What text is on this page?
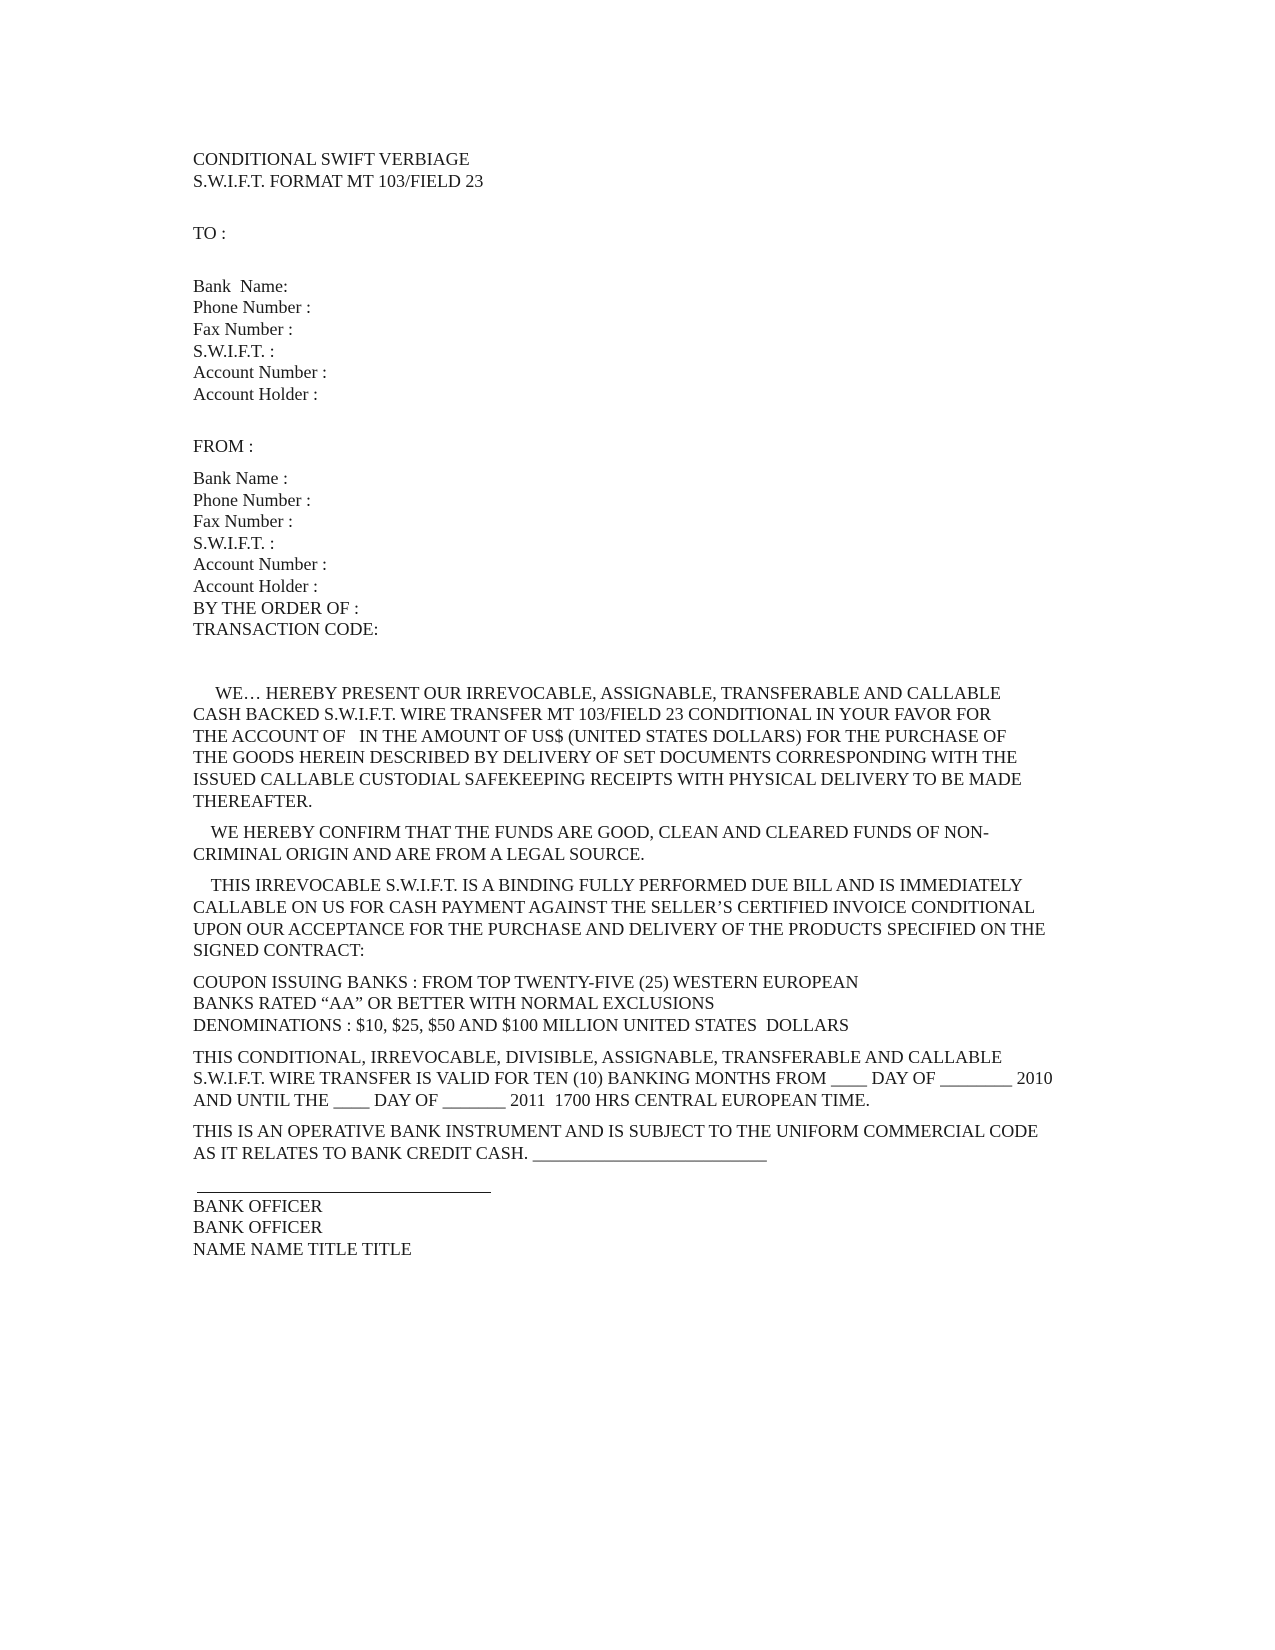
CONDITIONAL SWIFT VERBIAGE
S.W.I.F.T. FORMAT MT 103/FIELD 23
TO :
Bank  Name:
Phone Number :
Fax Number :
S.W.I.F.T. :
Account Number :
Account Holder :
FROM :
Bank Name :
Phone Number :
Fax Number :
S.W.I.F.T. :
Account Number :
Account Holder :
BY THE ORDER OF :
TRANSACTION CODE:
WE… HEREBY PRESENT OUR IRREVOCABLE, ASSIGNABLE, TRANSFERABLE AND CALLABLE
CASH BACKED S.W.I.F.T. WIRE TRANSFER MT 103/FIELD 23 CONDITIONAL IN YOUR FAVOR FOR
THE ACCOUNT OF   IN THE AMOUNT OF US$ (UNITED STATES DOLLARS) FOR THE PURCHASE OF
THE GOODS HEREIN DESCRIBED BY DELIVERY OF SET DOCUMENTS CORRESPONDING WITH THE
ISSUED CALLABLE CUSTODIAL SAFEKEEPING RECEIPTS WITH PHYSICAL DELIVERY TO BE MADE
THEREAFTER.
WE HEREBY CONFIRM THAT THE FUNDS ARE GOOD, CLEAN AND CLEARED FUNDS OF NON-
CRIMINAL ORIGIN AND ARE FROM A LEGAL SOURCE.
THIS IRREVOCABLE S.W.I.F.T. IS A BINDING FULLY PERFORMED DUE BILL AND IS IMMEDIATELY
CALLABLE ON US FOR CASH PAYMENT AGAINST THE SELLER’S CERTIFIED INVOICE CONDITIONAL
UPON OUR ACCEPTANCE FOR THE PURCHASE AND DELIVERY OF THE PRODUCTS SPECIFIED ON THE
SIGNED CONTRACT:
COUPON ISSUING BANKS : FROM TOP TWENTY-FIVE (25) WESTERN EUROPEAN
BANKS RATED “AA” OR BETTER WITH NORMAL EXCLUSIONS
DENOMINATIONS : $10, $25, $50 AND $100 MILLION UNITED STATES  DOLLARS
THIS CONDITIONAL, IRREVOCABLE, DIVISIBLE, ASSIGNABLE, TRANSFERABLE AND CALLABLE
S.W.I.F.T. WIRE TRANSFER IS VALID FOR TEN (10) BANKING MONTHS FROM ____ DAY OF ________ 2010
AND UNTIL THE ____ DAY OF _______ 2011  1700 HRS CENTRAL EUROPEAN TIME.
THIS IS AN OPERATIVE BANK INSTRUMENT AND IS SUBJECT TO THE UNIFORM COMMERCIAL CODE
AS IT RELATES TO BANK CREDIT CASH. __________________________
BANK OFFICER
BANK OFFICER
NAME NAME TITLE TITLE
